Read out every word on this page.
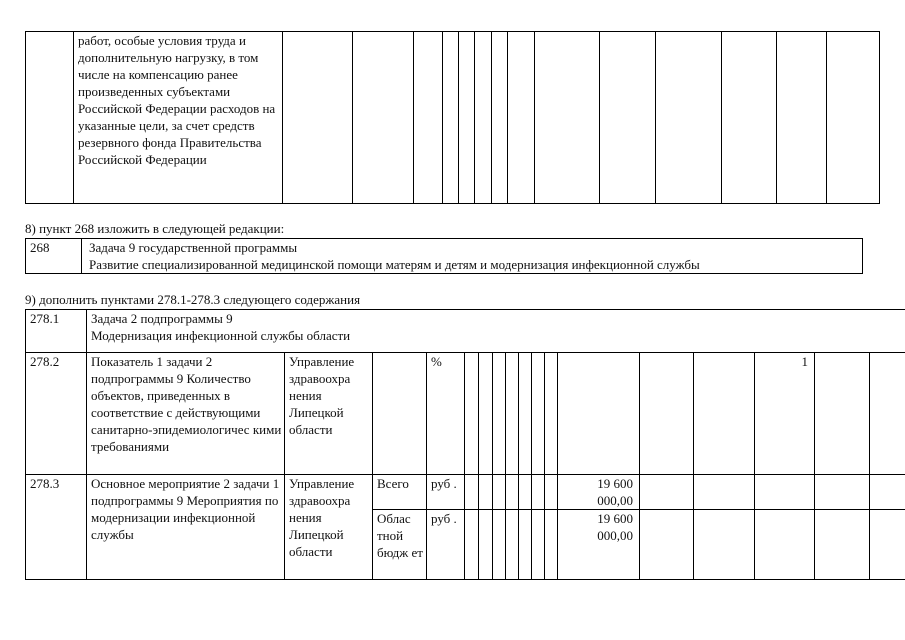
	работ, особые условия труда и дополнительную нагрузку, в том числе на компенсацию ранее произведенных субъектами Российской Федерации расходов на указанные цели, за счет средств резервного фонда Правительства Российской Федерации														
8) пункт 268 изложить в следующей редакции:
268	Задача 9 государственной программы
Развитие специализированной медицинской помощи матерям и детям и модернизация инфекционной службы
9) дополнить пунктами 278.1-278.3 следующего содержания
278.1	Задача 2 подпрограммы 9
Модернизация инфекционной службы области																

278.2	Показатель 1 задачи 2 подпрограммы 9 Количество объектов, приведенных в соответствие с действующими санитарно-эпидемиологичес кими требованиями	Управление здравоохра нения Липецкой области		%											1		
278.3	Основное мероприятие 2 задачи 1 подпрограммы 9 Мероприятия по модернизации инфекционной службы	Управление здравоохра нения Липецкой области	Всего	руб .								19 600 000,00					
			Облас тной бюдж ет	руб .								19 600 000,00					
